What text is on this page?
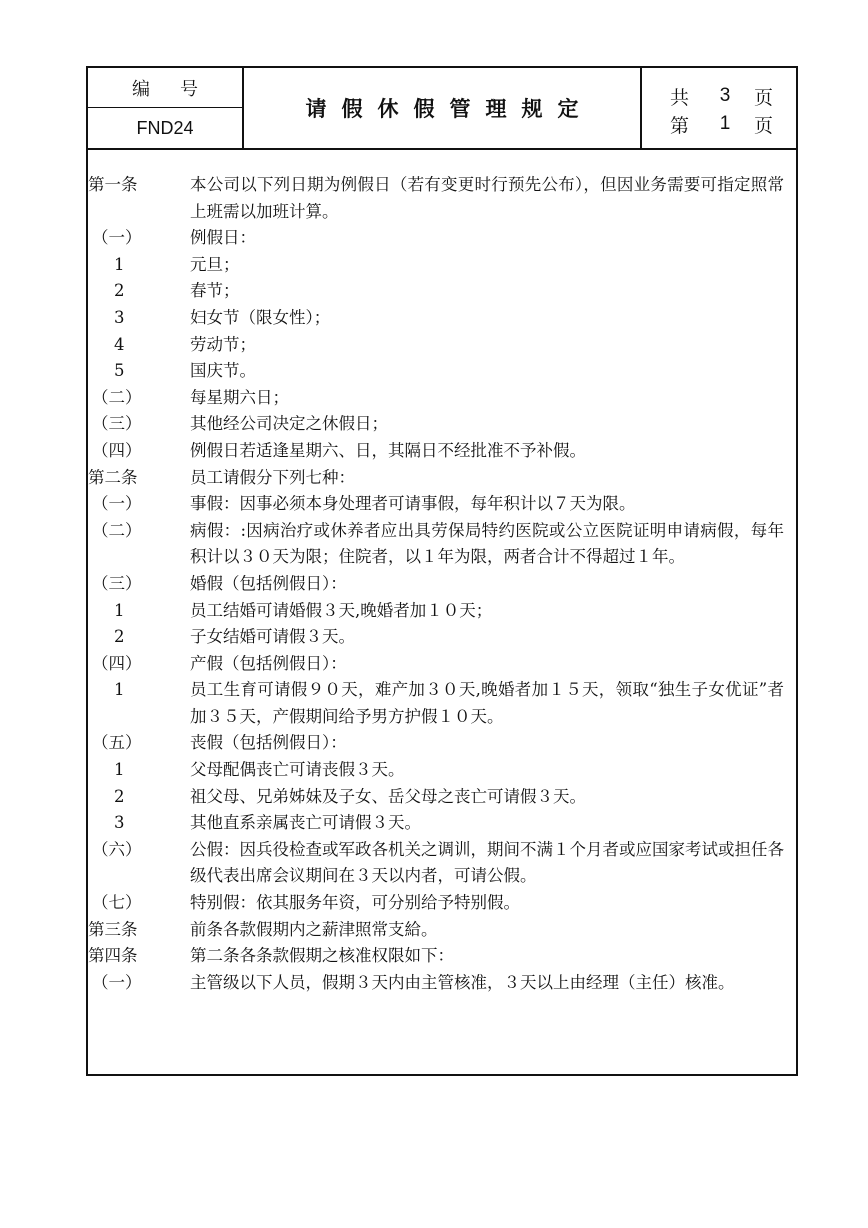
编号
FND24
请假休假管理规定	共	3	页
第	1	页
第一条	本公司以下列日期为例假日（若有变更时行预先公布），但因业务需要可指定照常上班需以加班计算。
（一）	例假日：
1	元旦；
2	春节；
3	妇女节（限女性）；
4	劳动节；
5	国庆节。
（二）	每星期六日；
（三）	其他经公司决定之休假日；
（四）	例假日若适逢星期六、日，其隔日不经批准不予补假。
第二条	员工请假分下列七种：
（一）	事假：因事必须本身处理者可请事假，每年积计以７天为限。
（二）	病假：:因病治疗或休养者应出具劳保局特约医院或公立医院证明申请病假，每年积计以３０天为限；住院者，以１年为限，两者合计不得超过１年。
（三）	婚假（包括例假日）：
1	员工结婚可请婚假３天,晚婚者加１０天；
2	子女结婚可请假３天。
（四）	产假（包括例假日）：
1	员工生育可请假９０天，难产加３０天,晚婚者加１５天，领取“独生子女优证”者加３５天，产假期间给予男方护假１０天。
（五）	丧假（包括例假日）：
1	父母配偶丧亡可请丧假３天。
2	祖父母、兄弟姊妹及子女、岳父母之丧亡可请假３天。
3	其他直系亲属丧亡可请假３天。
（六）	公假：因兵役检查或军政各机关之调训，期间不满１个月者或应国家考试或担任各级代表出席会议期间在３天以内者，可请公假。
（七）	特别假：依其服务年资，可分别给予特别假。
第三条	前条各款假期内之薪津照常支給。
第四条	第二条各条款假期之核准权限如下：
（一）	主管级以下人员，假期３天内由主管核准，３天以上由经理（主任）核准。
